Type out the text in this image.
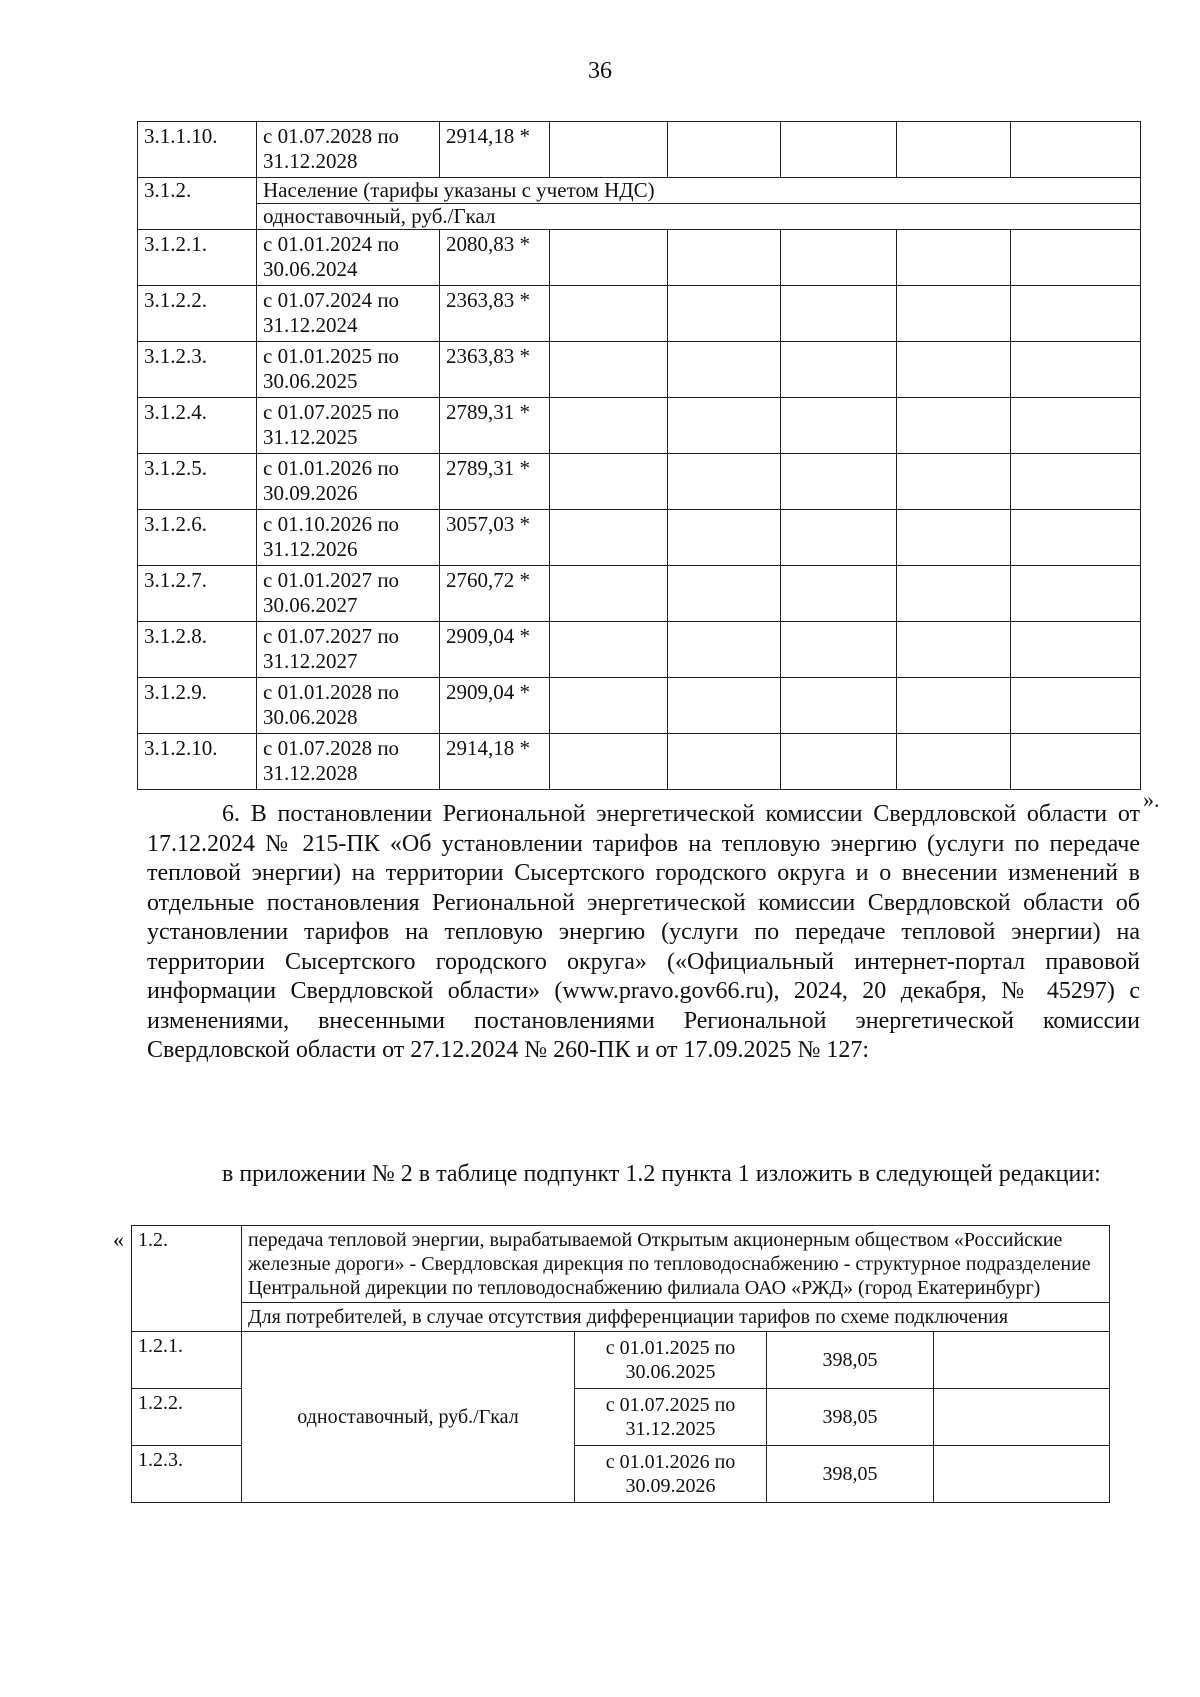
36
3.1.1.10.	с 01.07.2028 по 31.12.2028	2914,18 *					
3.1.2.	Население (тарифы указаны с учетом НДС)						
	одноставочный, руб./Гкал						
3.1.2.1.	с 01.01.2024 по 30.06.2024	2080,83 *					
3.1.2.2.	с 01.07.2024 по 31.12.2024	2363,83 *					
3.1.2.3.	с 01.01.2025 по 30.06.2025	2363,83 *					
3.1.2.4.	с 01.07.2025 по 31.12.2025	2789,31 *					
3.1.2.5.	с 01.01.2026 по 30.09.2026	2789,31 *					
3.1.2.6.	с 01.10.2026 по 31.12.2026	3057,03 *					
3.1.2.7.	с 01.01.2027 по 30.06.2027	2760,72 *					
3.1.2.8.	с 01.07.2027 по 31.12.2027	2909,04 *					
3.1.2.9.	с 01.01.2028 по 30.06.2028	2909,04 *					
3.1.2.10.	с 01.07.2028 по 31.12.2028	2914,18 *					
».
6. В постановлении Региональной энергетической комиссии Свердловской области от 17.12.2024 № 215-ПК «Об установлении тарифов на тепловую энергию (услуги по передаче тепловой энергии) на территории Сысертского городского округа и о внесении изменений в отдельные постановления Региональной энергетической комиссии Свердловской области об установлении тарифов на тепловую энергию (услуги по передаче тепловой энергии) на территории Сысертского городского округа» («Официальный интернет-портал правовой информации Свердловской области» (www.pravo.gov66.ru), 2024, 20 декабря, № 45297) с изменениями, внесенными постановлениями Региональной энергетической комиссии Свердловской области от 27.12.2024 № 260-ПК и от 17.09.2025 № 127:
в приложении № 2 в таблице подпункт 1.2 пункта 1 изложить в следующей редакции:
« 1.2.	передача тепловой энергии, вырабатываемой Открытым акционерным обществом «Российские железные дороги» - Свердловская дирекция по тепловодоснабжению - структурное подразделение Центральной дирекции по тепловодоснабжению филиала ОАО «РЖД» (город Екатеринбург)			
	Для потребителей, в случае отсутствия дифференциации тарифов по схеме подключения			
1.2.1.	одноставочный, руб./Гкал	с 01.01.2025 по 30.06.2025	398,05	
1.2.2.		с 01.07.2025 по 31.12.2025	398,05	
1.2.3.		с 01.01.2026 по 30.09.2026	398,05	
